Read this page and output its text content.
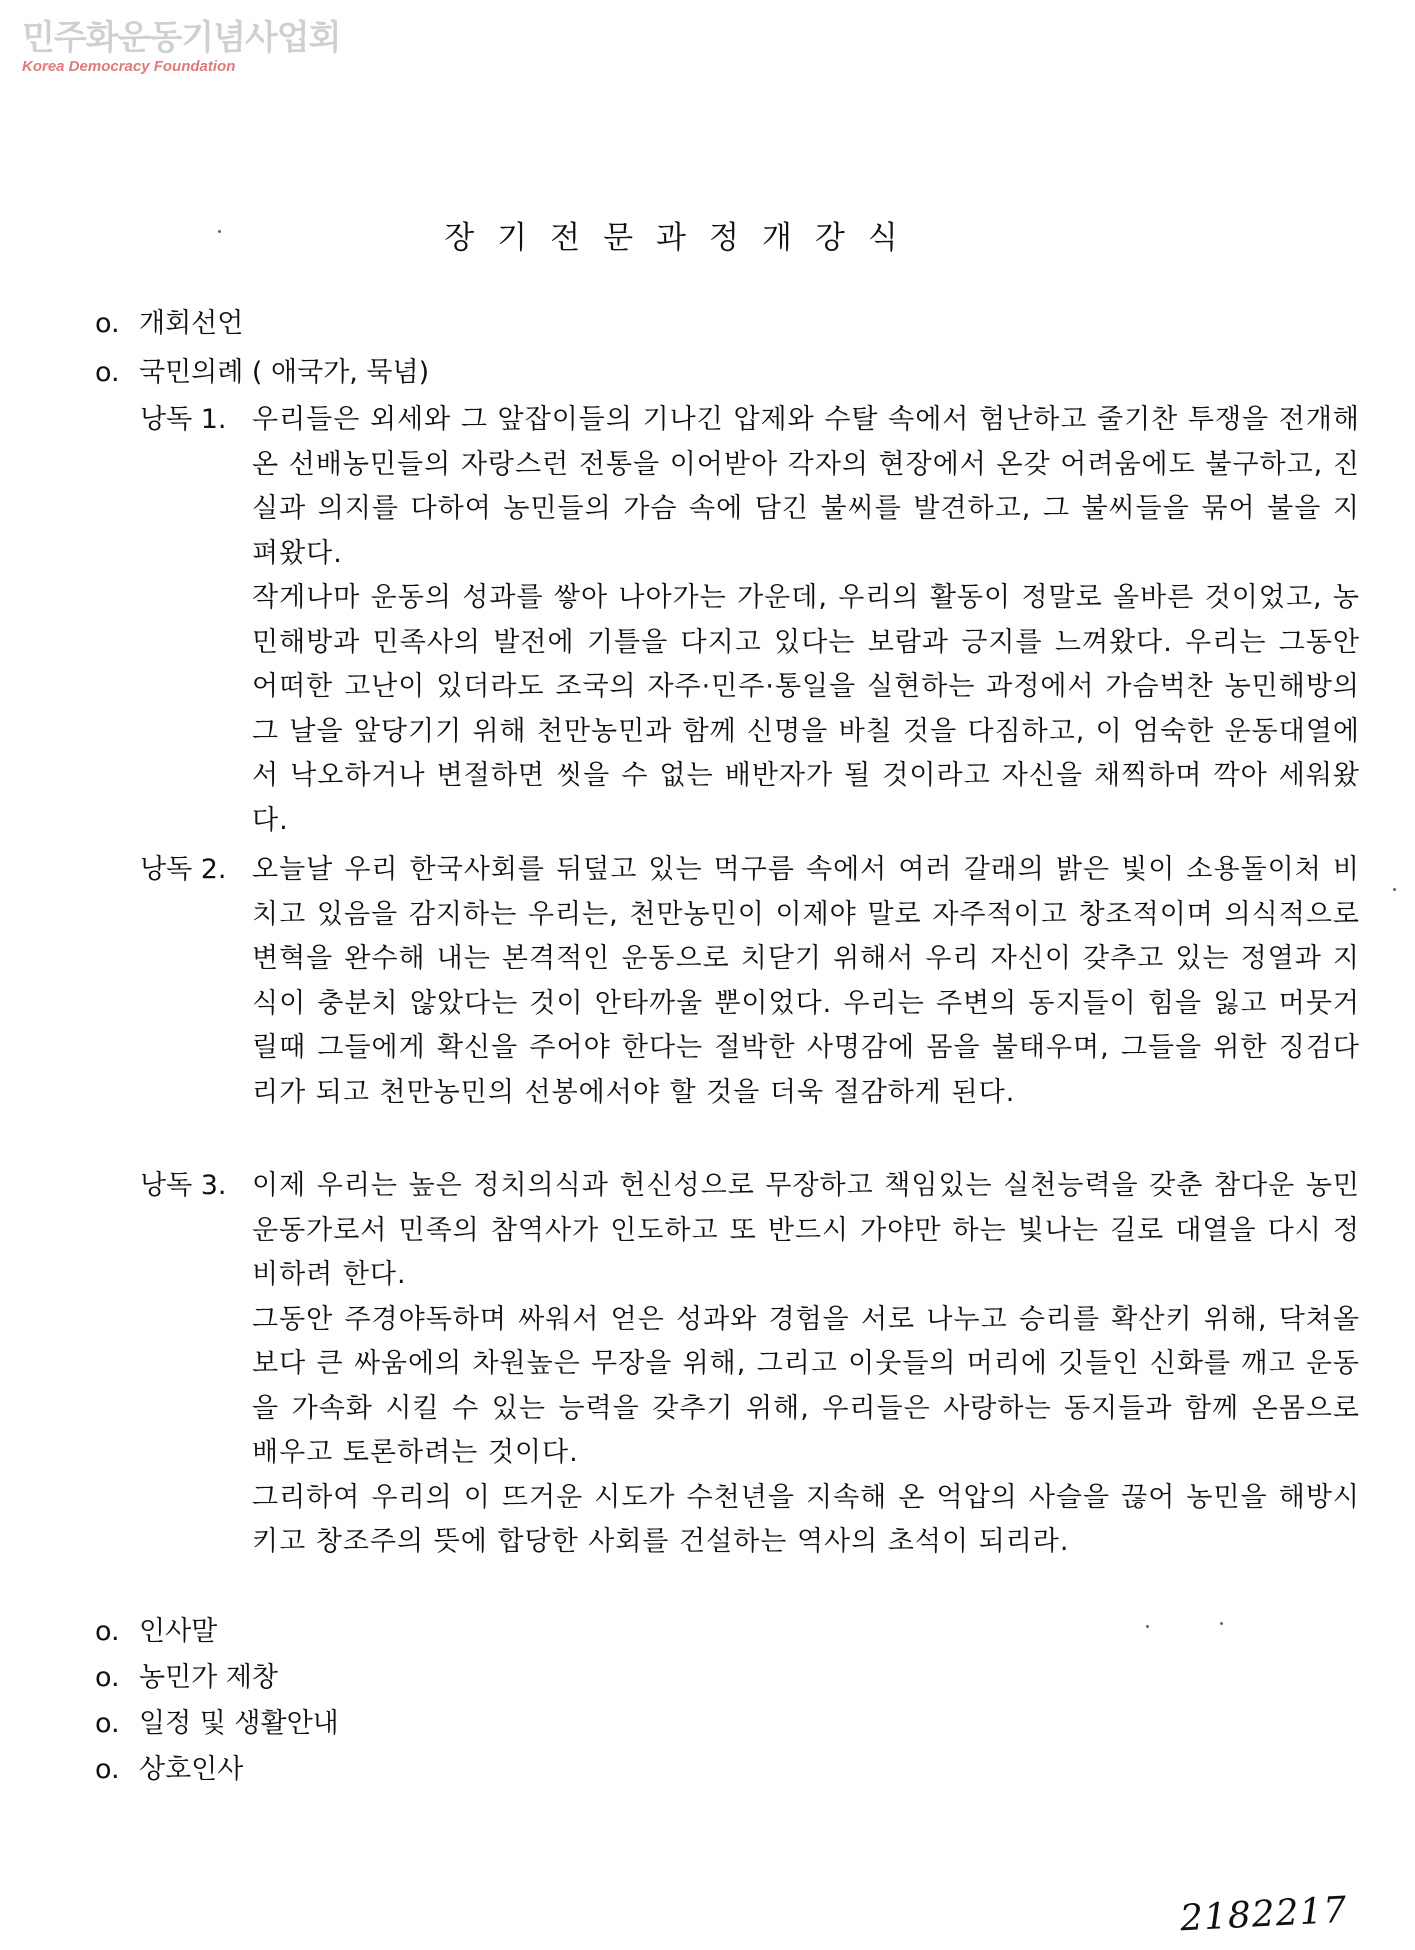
민주화운동기념사업회
Korea Democracy Foundation
장기전문과정개강식
o. 개회선언
o. 국민의례 ( 애국가, 묵념)
낭독 1. 우리들은 외세와 그 앞잡이들의 기나긴 압제와 수탈 속에서 험난하고 줄기찬 투쟁을 전개해온 선배농민들의 자랑스런 전통을 이어받아 각자의 현장에서 온갖 어려움에도 불구하고, 진실과 의지를 다하여 농민들의 가슴 속에 담긴 불씨를 발견하고, 그 불씨들을 묶어 불을 지펴왔다.
작게나마 운동의 성과를 쌓아 나아가는 가운데, 우리의 활동이 정말로 올바른 것이었고, 농민해방과 민족사의 발전에 기틀을 다지고 있다는 보람과 긍지를 느껴왔다. 우리는 그동안 어떠한 고난이 있더라도 조국의 자주·민주·통일을 실현하는 과정에서 가슴벅찬 농민해방의 그 날을 앞당기기 위해 천만농민과 함께 신명을 바칠 것을 다짐하고, 이 엄숙한 운동대열에서 낙오하거나 변절하면 씻을 수 없는 배반자가 될 것이라고 자신을 채찍하며 깍아 세워왔다.
낭독 2. 오늘날 우리 한국사회를 뒤덮고 있는 먹구름 속에서 여러 갈래의 밝은 빛이 소용돌이처 비치고 있음을 감지하는 우리는, 천만농민이 이제야 말로 자주적이고 창조적이며 의식적으로 변혁을 완수해 내는 본격적인 운동으로 치닫기 위해서 우리 자신이 갖추고 있는 정열과 지식이 충분치 않았다는 것이 안타까울 뿐이었다. 우리는 주변의 동지들이 힘을 잃고 머뭇거릴때 그들에게 확신을 주어야 한다는 절박한 사명감에 몸을 불태우며, 그들을 위한 징검다리가 되고 천만농민의 선봉에서야 할 것을 더욱 절감하게 된다.
낭독 3. 이제 우리는 높은 정치의식과 헌신성으로 무장하고 책임있는 실천능력을 갖춘 참다운 농민운동가로서 민족의 참역사가 인도하고 또 반드시 가야만 하는 빛나는 길로 대열을 다시 정비하려 한다.
그동안 주경야독하며 싸워서 얻은 성과와 경험을 서로 나누고 승리를 확산키 위해, 닥쳐올 보다 큰 싸움에의 차원높은 무장을 위해, 그리고 이웃들의 머리에 깃들인 신화를 깨고 운동을 가속화 시킬 수 있는 능력을 갖추기 위해, 우리들은 사랑하는 동지들과 함께 온몸으로 배우고 토론하려는 것이다.
그리하여 우리의 이 뜨거운 시도가 수천년을 지속해 온 억압의 사슬을 끊어 농민을 해방시키고 창조주의 뜻에 합당한 사회를 건설하는 역사의 초석이 되리라.
o. 인사말
o. 농민가 제창
o. 일정 및 생활안내
o. 상호인사
2182217
